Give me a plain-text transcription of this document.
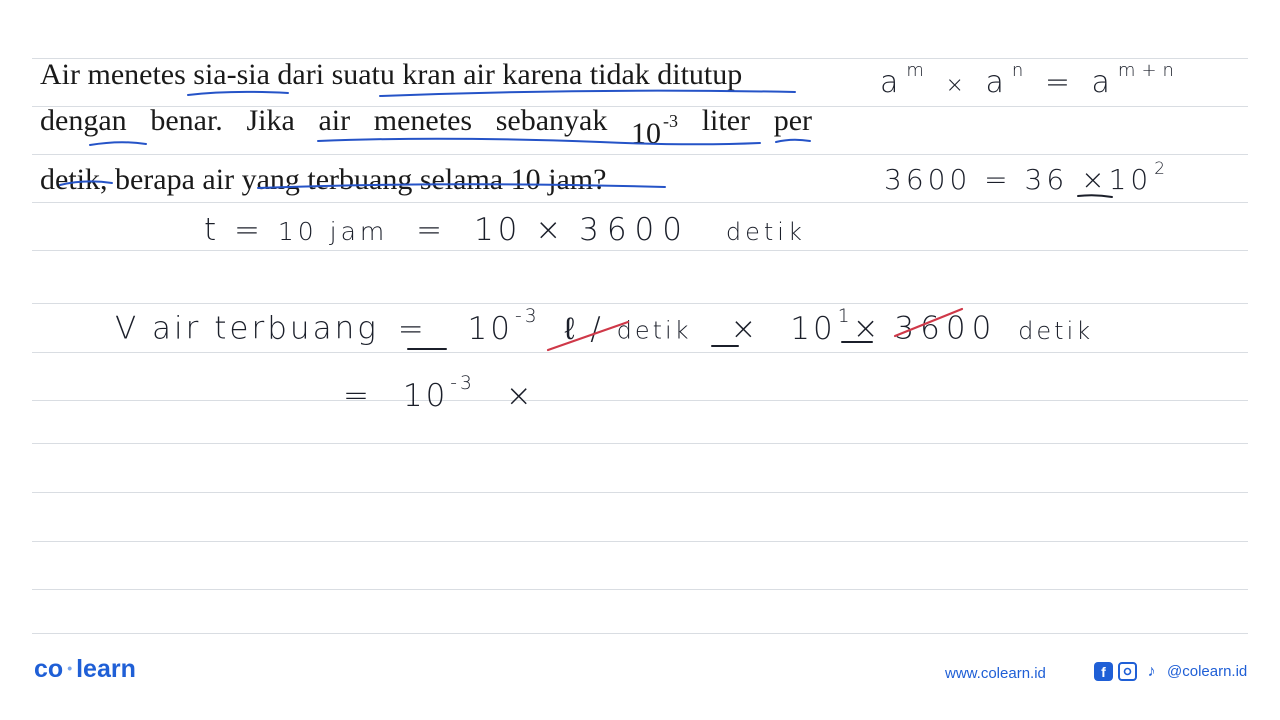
Air menetes sia-sia dari suatu kran air karena tidak ditutup
dengan benar. Jika air menetes sebanyak 10 $^{-3}$ liter per
detik, berapa air yang terbuang selama 10 jam?
a $^m$ × a $^n$ = a $^{m+n}$
3600 = 36 ×10 $^2$
t = 10 jam = 10 × 3600 detik
V air terbuang = 10 $^{-3}$ ℓ / detik × 10 $^1$× 3600 detik
= 10 $^{-3}$ ×
co • learn	www.colearn.id	f	♪ @colearn.id
